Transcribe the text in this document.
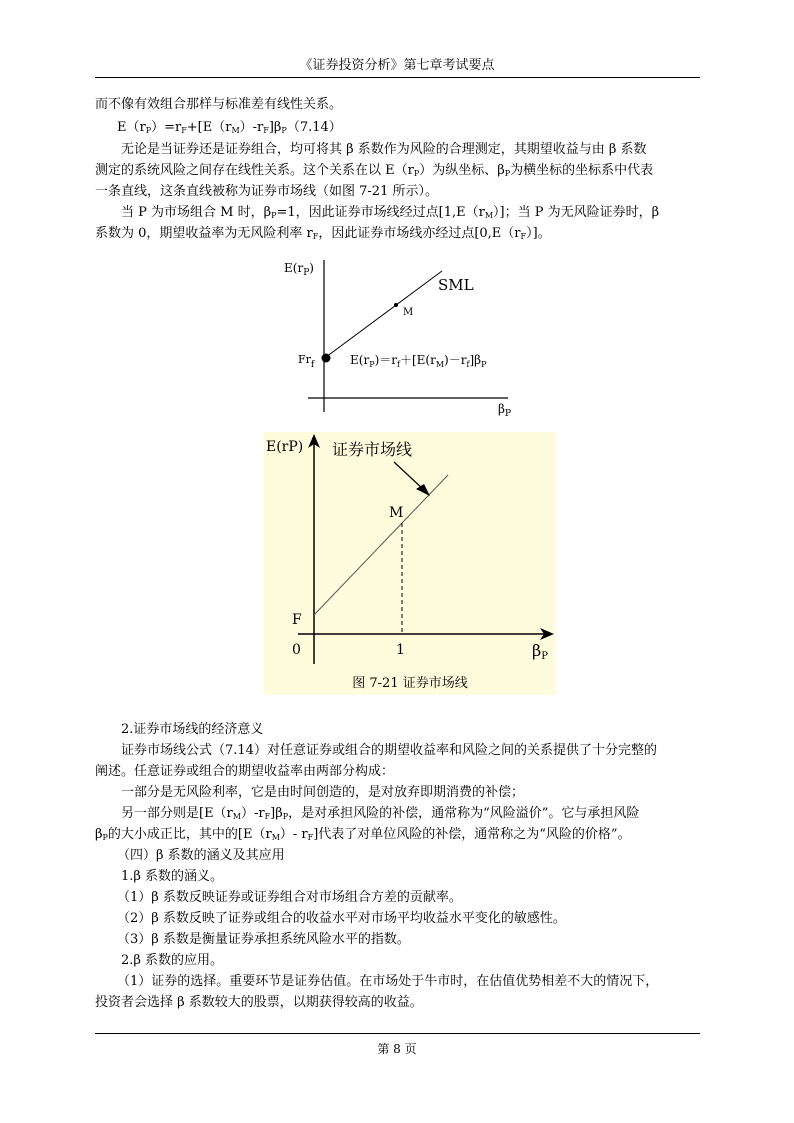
《证券投资分析》第七章考试要点
而不像有效组合那样与标准差有线性关系。
$E(r_P)=r_F+[E(r_M)-r_F]\beta_P(7.14)$
无论是当证券还是证券组合，均可将其 β 系数作为风险的合理测定，其期望收益与由 β 系数
测定的系统风险之间存在线性关系。这个关系在以 $E(r_P)$为纵坐标、$\beta_P$为横坐标的坐标系中代表
一条直线，这条直线被称为证券市场线（如图 7-21 所示）。
当 P 为市场组合 M 时，$\beta_P=1$，因此证券市场线经过点$[1,E(r_M)]$；当 P 为无风险证券时，β
系数为 0，期望收益率为无风险利率 $r_F$，因此证券市场线亦经过点$[0,E(r_F)]$。
$E(r_P)$
SML
M
$Fr_f$	$E(r_P)=r_f+[E(r_M)-r_f]\beta_P$
$\beta_P$
E(rP) 证券市场线
M
F
0	1	βP
图 7-21 证券市场线
2.证券市场线的经济意义
证券市场线公式（7.14）对任意证券或组合的期望收益率和风险之间的关系提供了十分完整的
阐述。任意证券或组合的期望收益率由两部分构成：
一部分是无风险利率，它是由时间创造的，是对放弃即期消费的补偿；
另一部分则是$[E(r_M)-r_F]\beta_P$，是对承担风险的补偿，通常称为“风险溢价”。它与承担风险
$\beta_P$的大小成正比，其中的[$E(r_M)-$ $r_F$]代表了对单位风险的补偿，通常称之为“风险的价格”。
（四）β 系数的涵义及其应用
1.β 系数的涵义。
（1）β 系数反映证券或证券组合对市场组合方差的贡献率。
（2）β 系数反映了证券或组合的收益水平对市场平均收益水平变化的敏感性。
（3）β 系数是衡量证券承担系统风险水平的指数。
2.β 系数的应用。
（1）证券的选择。重要环节是证券估值。在市场处于牛市时，在估值优势相差不大的情况下，
投资者会选择 β 系数较大的股票，以期获得较高的收益。
第 8 页
